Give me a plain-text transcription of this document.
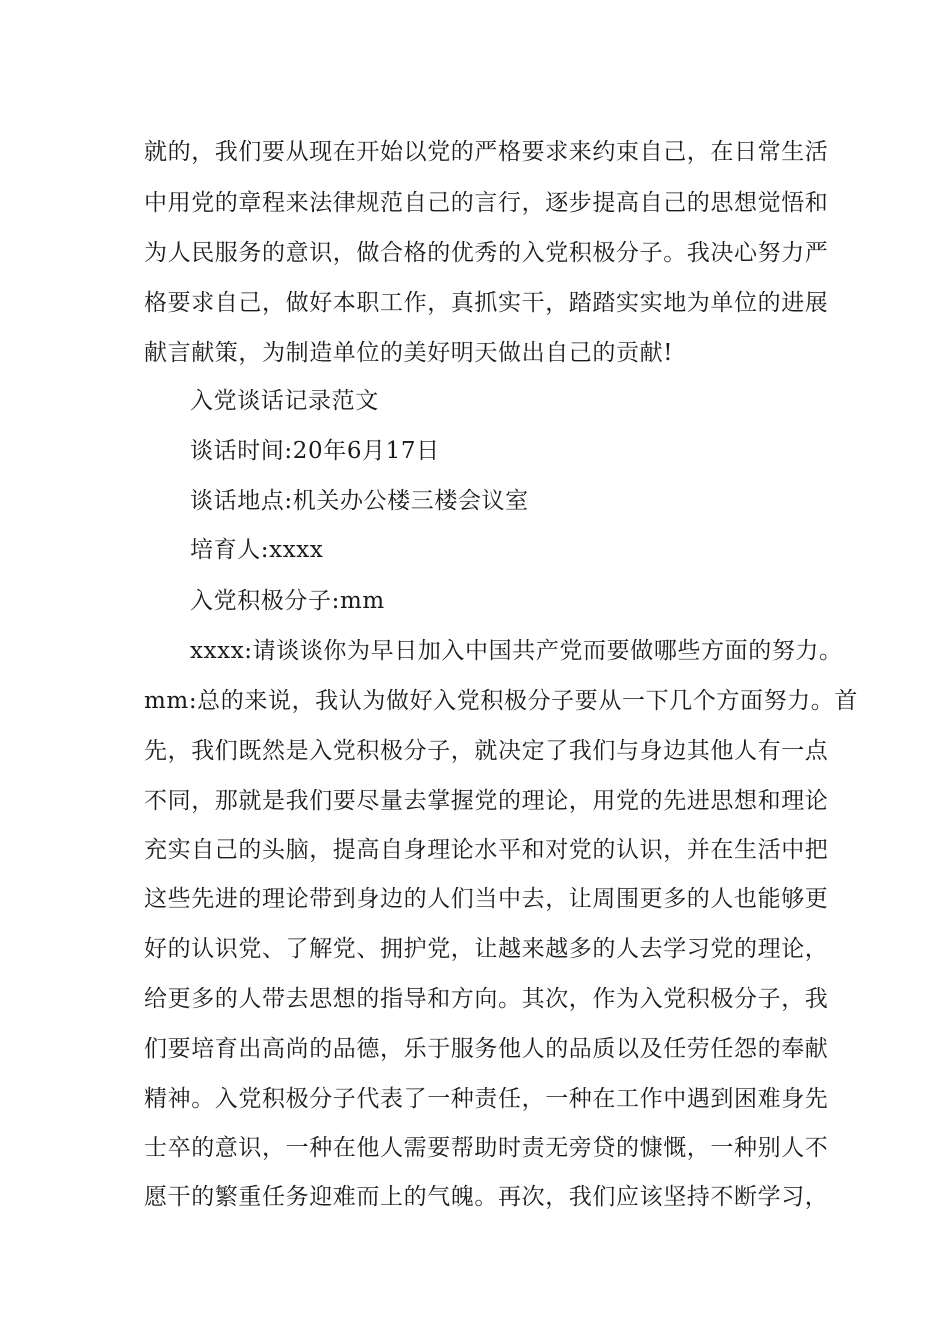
就的，我们要从现在开始以党的严格要求来约束自己，在日常生活
中用党的章程来法律规范自己的言行，逐步提高自己的思想觉悟和
为人民服务的意识，做合格的优秀的入党积极分子。我决心努力严
格要求自己，做好本职工作，真抓实干，踏踏实实地为单位的进展
献言献策，为制造单位的美好明天做出自己的贡献!
入党谈话记录范文
谈话时间:20年6月17日
谈话地点:机关办公楼三楼会议室
培育人:xxxx
入党积极分子:mm
xxxx:请谈谈你为早日加入中国共产党而要做哪些方面的努力。
mm:总的来说，我认为做好入党积极分子要从一下几个方面努力。首
先，我们既然是入党积极分子，就决定了我们与身边其他人有一点
不同，那就是我们要尽量去掌握党的理论，用党的先进思想和理论
充实自己的头脑，提高自身理论水平和对党的认识，并在生活中把
这些先进的理论带到身边的人们当中去，让周围更多的人也能够更
好的认识党、了解党、拥护党，让越来越多的人去学习党的理论，
给更多的人带去思想的指导和方向。其次，作为入党积极分子，我
们要培育出高尚的品德，乐于服务他人的品质以及任劳任怨的奉献
精神。入党积极分子代表了一种责任，一种在工作中遇到困难身先
士卒的意识，一种在他人需要帮助时责无旁贷的慷慨，一种别人不
愿干的繁重任务迎难而上的气魄。再次，我们应该坚持不断学习，
